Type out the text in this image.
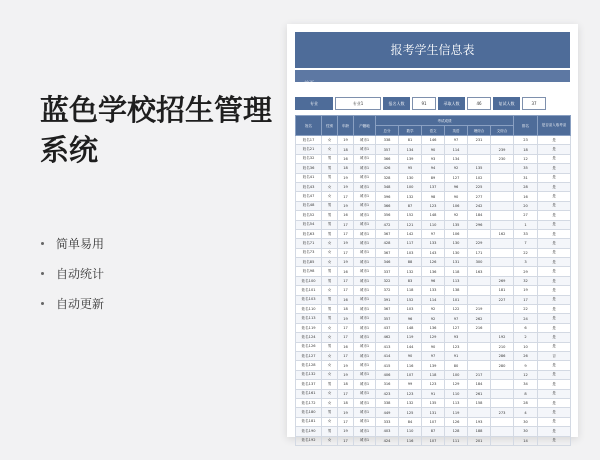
蓝色学校招生管理系统
简单易用
自动统计
自动更新
报考学生信息表
首页
专业	专业1	报名人数	91	录取人数	46	复试人数	37
姓名	性别	年龄	户籍地	考试成绩						排名	是否录入取考录
				总分	数学	语文	英语	理综合	文综合		
姓名17	女	19	城市1	338	81	146	97	231		23	是
姓名21	女	18	城市1	357	134	90	114		239	18	是
姓名32	男	16	城市1	366	139	93	134		230	12	是
姓名36	男	18	城市1	426	95	94	92	135		35	是
姓名41	男	19	城市1	328	130	89	127	102		31	是
姓名43	女	19	城市1	348	100	137	96	225		28	是
姓名47	女	17	城市1	396	132	98	90	277		16	是
姓名48	男	19	城市1	366	87	123	106	242		20	是
姓名52	男	16	城市1	356	152	148	92	184		27	是
姓名54	男	17	城市1	472	121	110	135	296		1	是
姓名63	男	17	城市1	367	142	97	106		162	33	是
姓名71	女	19	城市1	428	117	133	130	229		7	是
姓名73	女	17	城市1	367	103	143	130	171		22	是
姓名85	女	19	城市1	346	88	126	131	300		3	是
姓名98	男	16	城市1	337	132	136	118	163		29	是
姓名100	男	17	城市1	322	83	96	113		269	32	是
姓名101	女	17	城市1	372	118	133	138		181	19	是
姓名103	男	16	城市1	391	152	114	101		227	17	是
姓名110	男	18	城市1	367	103	92	122	219		22	是
姓名113	男	19	城市1	357	96	92	97	262		24	是
姓名119	女	17	城市1	437	148	136	127	216		6	是
姓名124	女	17	城市1	462	119	129	93		192	2	是
姓名126	男	16	城市1	413	144	90	123		210	10	是
姓名127	女	17	城市1	414	90	97	91		286	26	否
姓名128	女	19	城市1	415	116	139	80		280	9	是
姓名132	女	19	城市1	406	107	118	100	217		12	是
姓名137	男	18	城市1	316	99	123	129	184		34	是
姓名161	女	17	城市1	423	123	91	110	261		8	是
姓名172	女	18	城市1	338	132	135	113	158		28	是
姓名180	男	19	城市1	449	125	131	119		273	4	是
姓名181	女	17	城市1	333	84	107	126	193		30	是
姓名190	男	19	城市1	403	110	87	128	188		30	是
姓名192	女	17	城市1	424	116	107	111	201		14	是
